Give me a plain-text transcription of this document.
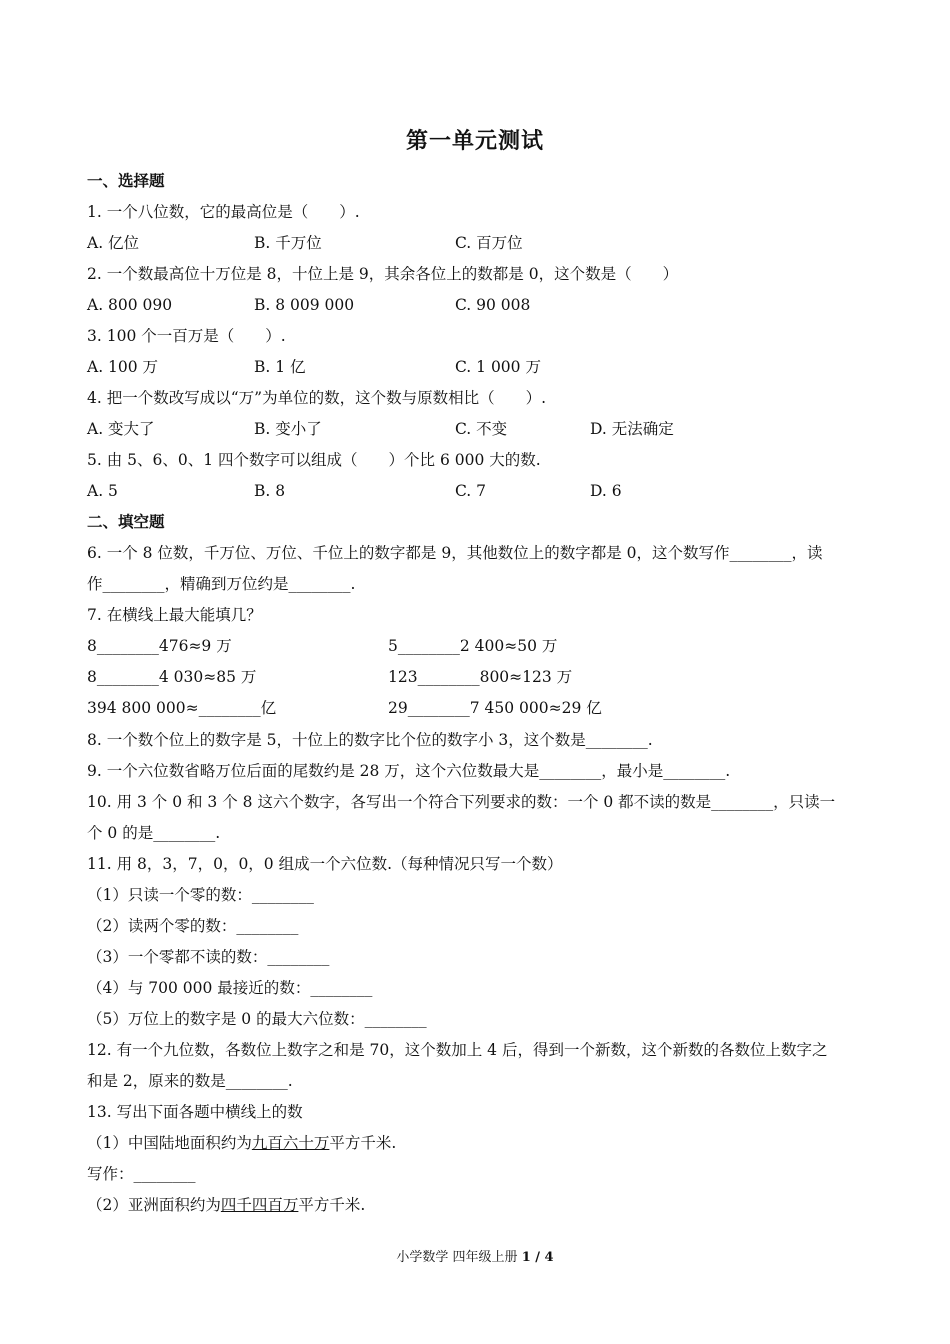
第一单元测试
一、选择题
1. 一个八位数，它的最高位是（　　）.
A. 亿位	B. 千万位	C. 百万位
2. 一个数最高位十万位是 8，十位上是 9，其余各位上的数都是 0，这个数是（　　）
A. 800 090	B. 8 009 000	C. 90 008
3. 100 个一百万是（　　）.
A. 100 万	B. 1 亿	C. 1 000 万
4. 把一个数改写成以“万”为单位的数，这个数与原数相比（　　）.
A. 变大了	B. 变小了	C. 不变	D. 无法确定
5. 由 5、6、0、1 四个数字可以组成（　　）个比 6 000 大的数.
A. 5	B. 8	C. 7	D. 6
二、填空题
6. 一个 8 位数，千万位、万位、千位上的数字都是 9，其他数位上的数字都是 0，这个数写作________，读
作________，精确到万位约是________.
7. 在横线上最大能填几？
8________476≈9 万	5________2 400≈50 万
8________4 030≈85 万	123________800≈123 万
394 800 000≈________亿	29________7 450 000≈29 亿
8. 一个数个位上的数字是 5，十位上的数字比个位的数字小 3，这个数是________.
9. 一个六位数省略万位后面的尾数约是 28 万，这个六位数最大是________，最小是________.
10. 用 3 个 0 和 3 个 8 这六个数字，各写出一个符合下列要求的数：一个 0 都不读的数是________，只读一
个 0 的是________.
11. 用 8，3，7，0，0，0 组成一个六位数.（每种情况只写一个数）
（1）只读一个零的数：________
（2）读两个零的数：________
（3）一个零都不读的数：________
（4）与 700 000 最接近的数：________
（5）万位上的数字是 0 的最大六位数：________
12. 有一个九位数，各数位上数字之和是 70，这个数加上 4 后，得到一个新数，这个新数的各数位上数字之
和是 2，原来的数是________.
13. 写出下面各题中横线上的数
（1）中国陆地面积约为九百六十万平方千米.
写作：________
（2）亚洲面积约为四千四百万平方千米.
小学数学 四年级上册 1 / 4
